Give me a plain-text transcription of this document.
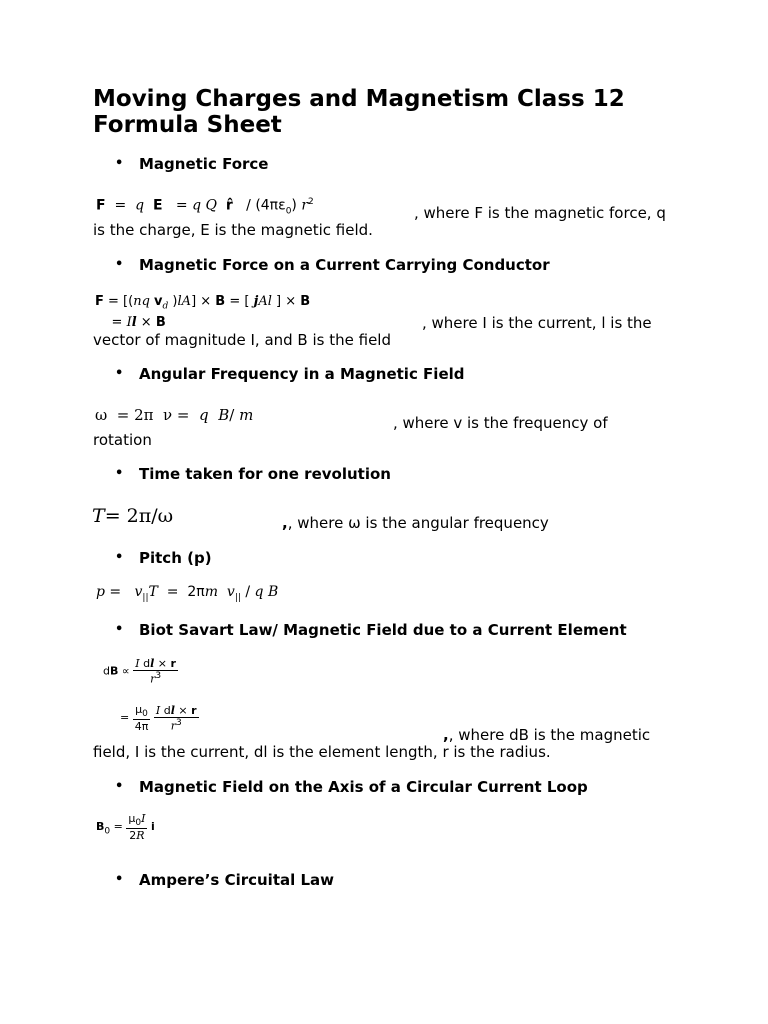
Moving Charges and Magnetism Class 12 Formula Sheet
• Magnetic Force
F  =  q E   = q Q r̂   / $(4\pi\varepsilon_0)$ $r^2$
, where F is the magnetic force, q
is the charge, E is the magnetic field.
• Magnetic Force on a Current Carrying Conductor
F = [(nq $v_d$ )lA] × B = [ jAl ] × B
= Il × B	, where I is the current, l is the
vector of magnitude I, and B is the field
• Angular Frequency in a Magnetic Field
ω  = 2π  ν =  q B/ m	, where v is the frequency of
rotation
• Time taken for one revolution
T= 2π/ω	,, where ω is the angular frequency
• Pitch (p)
$p = v_{||}T = 2\pi m$ $v_{||}$ / q B
• Biot Savart Law/ Magnetic Field due to a Current Element
dB ∝ $\frac{\text{I dl × r}}{r^3}$
= $\frac{\mu_0}{4\pi}$
$\frac{\text{I dl × r}}{r^3}$
,, where dB is the magnetic
field, I is the current, dl is the element length, r is the radius.
• Magnetic Field on the Axis of a Circular Current Loop
$B_0 = \frac{\mu_0I}{2R}$ i
• Ampere’s Circuital Law
